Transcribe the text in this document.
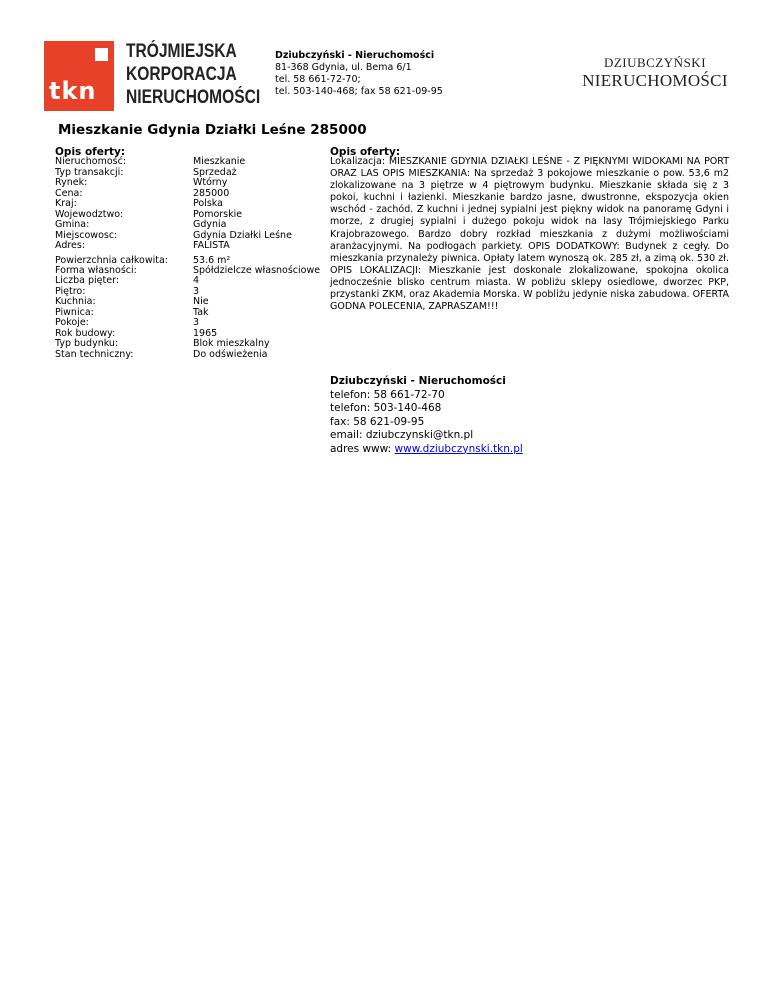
tkn
TRÓJMIEJSKA
KORPORACJA
NIERUCHOMOŚCI
Dziubczyński - Nieruchomości
81-368 Gdynia, ul. Bema 6/1
tel. 58 661-72-70;
tel. 503-140-468; fax 58 621-09-95
DZIUBCZYŃSKI
NIERUCHOMOŚCI
Mieszkanie Gdynia Działki Leśne 285000
Opis oferty:	Opis oferty:
Nieruchomość:	Mieszkanie
Typ transakcji:	Sprzedaż
Rynek:	Wtórny
Cena:	285000
Kraj:	Polska
Wojewodztwo:	Pomorskie
Gmina:	Gdynia
Miejscowosc:	Gdynia Działki Leśne
Adres:	FALISTA
Powierzchnia całkowita:	53.6 m²
Forma własności:	Spółdzielcze własnościowe
Liczba pięter:	4
Piętro:	3
Kuchnia:	Nie
Piwnica:	Tak
Pokoje:	3
Rok budowy:	1965
Typ budynku:	Blok mieszkalny
Stan techniczny:	Do odświeżenia
Lokalizacja: MIESZKANIE GDYNIA DZIAŁKI LEŚNE - Z PIĘKNYMI WIDOKAMI NA PORT ORAZ LAS OPIS MIESZKANIA: Na sprzedaż 3 pokojowe mieszkanie o pow. 53,6 m2 zlokalizowane na 3 piętrze w 4 piętrowym budynku. Mieszkanie składa się z 3 pokoi, kuchni i łazienki. Mieszkanie bardzo jasne, dwustronne, ekspozycja okien wschód - zachód. Z kuchni i jednej sypialni jest piękny widok na panoramę Gdyni i morze, z drugiej sypialni i dużego pokoju widok na lasy Trójmiejskiego Parku Krajobrazowego. Bardzo dobry rozkład mieszkania z dużymi możliwościami aranżacyjnymi. Na podłogach parkiety. OPIS DODATKOWY: Budynek z cegły. Do mieszkania przynależy piwnica. Opłaty latem wynoszą ok. 285 zł, a zimą ok. 530 zł. OPIS LOKALIZACJI: Mieszkanie jest doskonale zlokalizowane, spokojna okolica jednocześnie blisko centrum miasta. W pobliżu sklepy osiedlowe, dworzec PKP, przystanki ZKM, oraz Akademia Morska. W pobliżu jedynie niska zabudowa. OFERTA GODNA POLECENIA, ZAPRASZAM!!!
Dziubczyński - Nieruchomości
telefon: 58 661-72-70
telefon: 503-140-468
fax: 58 621-09-95
email: dziubczynski@tkn.pl
adres www: www.dziubczynski.tkn.pl
